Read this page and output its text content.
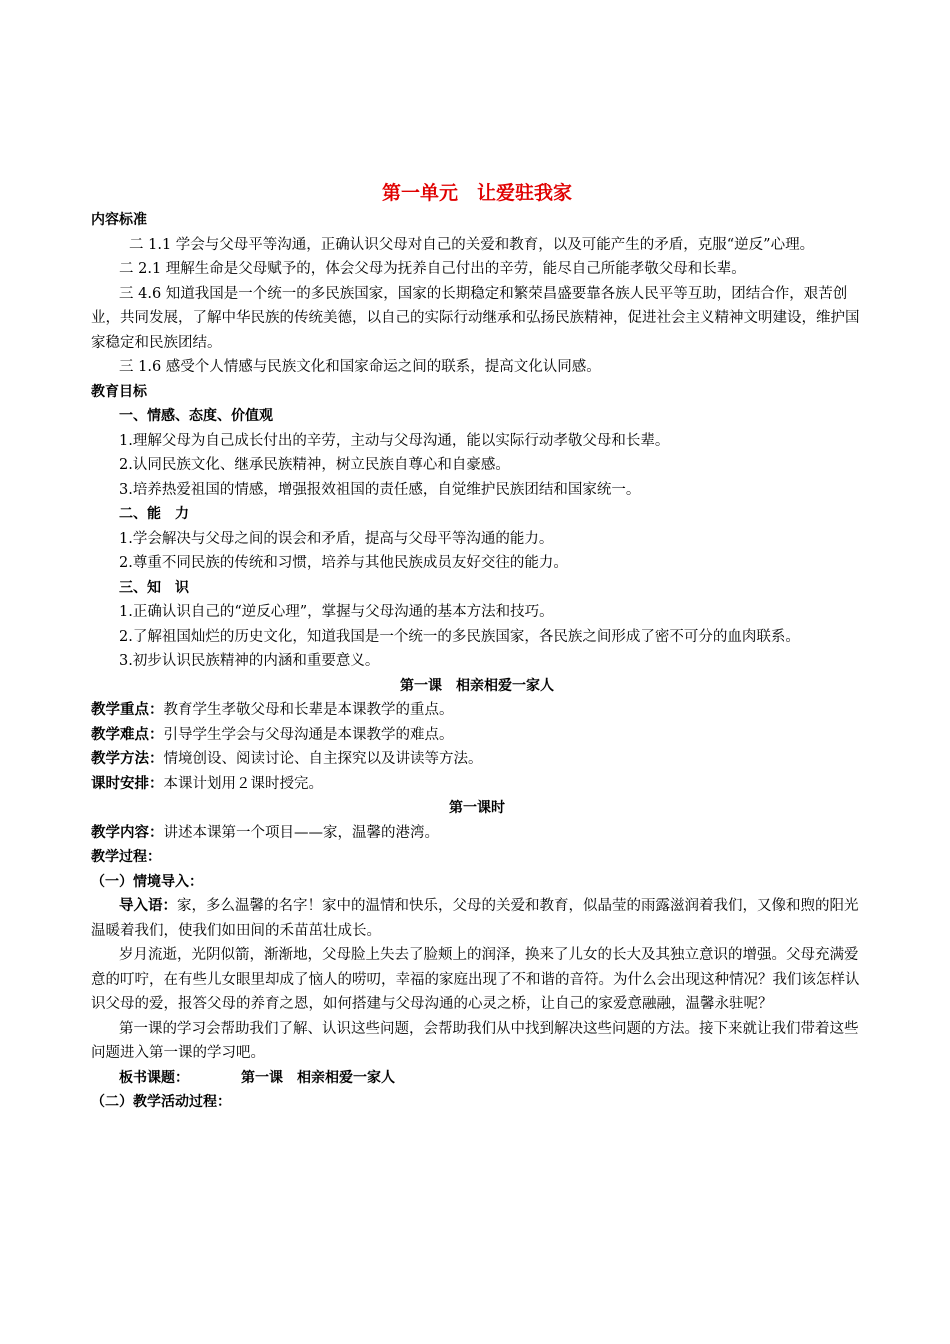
第一单元　让爱驻我家
内容标准

二 1.1 学会与父母平等沟通，正确认识父母对自己的关爱和教育，以及可能产生的矛盾，克服“逆反”心理。

二 2.1 理解生命是父母赋予的，体会父母为抚养自己付出的辛劳，能尽自己所能孝敬父母和长辈。

三 4.6 知道我国是一个统一的多民族国家，国家的长期稳定和繁荣昌盛要靠各族人民平等互助，团结合作，艰苦创业，共同发展，了解中华民族的传统美德，以自己的实际行动继承和弘扬民族精神，促进社会主义精神文明建设，维护国家稳定和民族团结。

三 1.6 感受个人情感与民族文化和国家命运之间的联系，提高文化认同感。

教育目标
一、情感、态度、价值观

1.理解父母为自己成长付出的辛劳，主动与父母沟通，能以实际行动孝敬父母和长辈。

2.认同民族文化、继承民族精神，树立民族自尊心和自豪感。

3.培养热爱祖国的情感，增强报效祖国的责任感，自觉维护民族团结和国家统一。

二、能　力

1.学会解决与父母之间的误会和矛盾，提高与父母平等沟通的能力。

2.尊重不同民族的传统和习惯，培养与其他民族成员友好交往的能力。

三、知　识

1.正确认识自己的“逆反心理”，掌握与父母沟通的基本方法和技巧。

2.了解祖国灿烂的历史文化，知道我国是一个统一的多民族国家，各民族之间形成了密不可分的血肉联系。

3.初步认识民族精神的内涵和重要意义。

第一课　相亲相爱一家人

教学重点：教育学生孝敬父母和长辈是本课教学的重点。

教学难点：引导学生学会与父母沟通是本课教学的难点。

教学方法：情境创设、阅读讨论、自主探究以及讲读等方法。

课时安排：本课计划用２课时授完。

第一课时

教学内容：讲述本课第一个项目——家，温馨的港湾。

教学过程：
（一）情境导入：

导入语：家，多么温馨的名字！家中的温情和快乐，父母的关爱和教育，似晶莹的雨露滋润着我们，又像和煦的阳光温暖着我们，使我们如田间的禾苗茁壮成长。

岁月流逝，光阴似箭，渐渐地，父母脸上失去了脸颊上的润泽，换来了儿女的长大及其独立意识的增强。父母充满爱意的叮咛，在有些儿女眼里却成了恼人的唠叨，幸福的家庭出现了不和谐的音符。为什么会出现这种情况？我们该怎样认识父母的爱，报答父母的养育之恩，如何搭建与父母沟通的心灵之桥，让自己的家爱意融融，温馨永驻呢？

第一课的学习会帮助我们了解、认识这些问题，会帮助我们从中找到解决这些问题的方法。接下来就让我们带着这些问题进入第一课的学习吧。

板书课题：	第一课　相亲相爱一家人
（二）教学活动过程：
